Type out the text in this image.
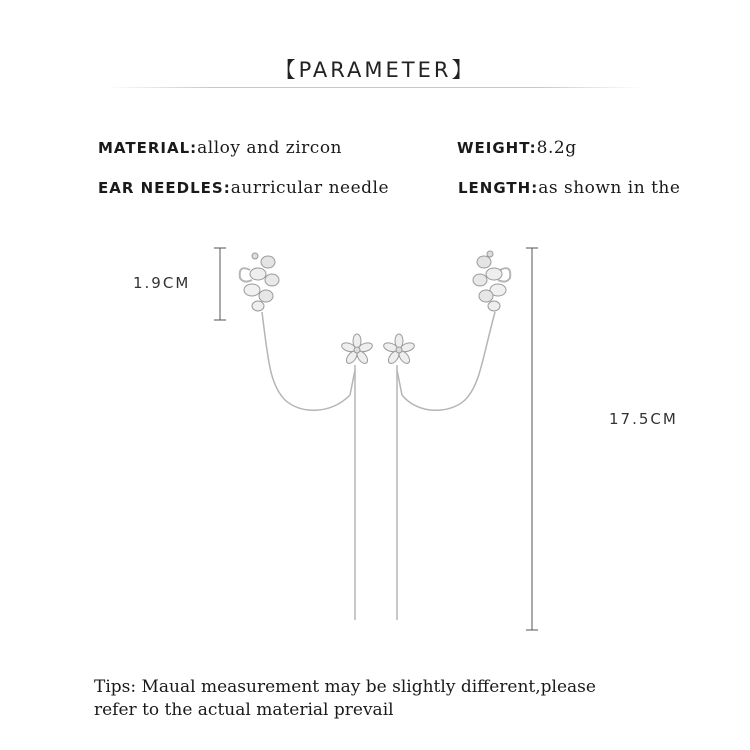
【PARAMETER】
MATERIAL:alloy and zircon	WEIGHT:8.2g
EAR NEEDLES:aurricular needle	LENGTH:as shown in the
1.9CM
17.5CM
Tips: Maual measurement may be slightly different,please
refer to the actual material prevail
